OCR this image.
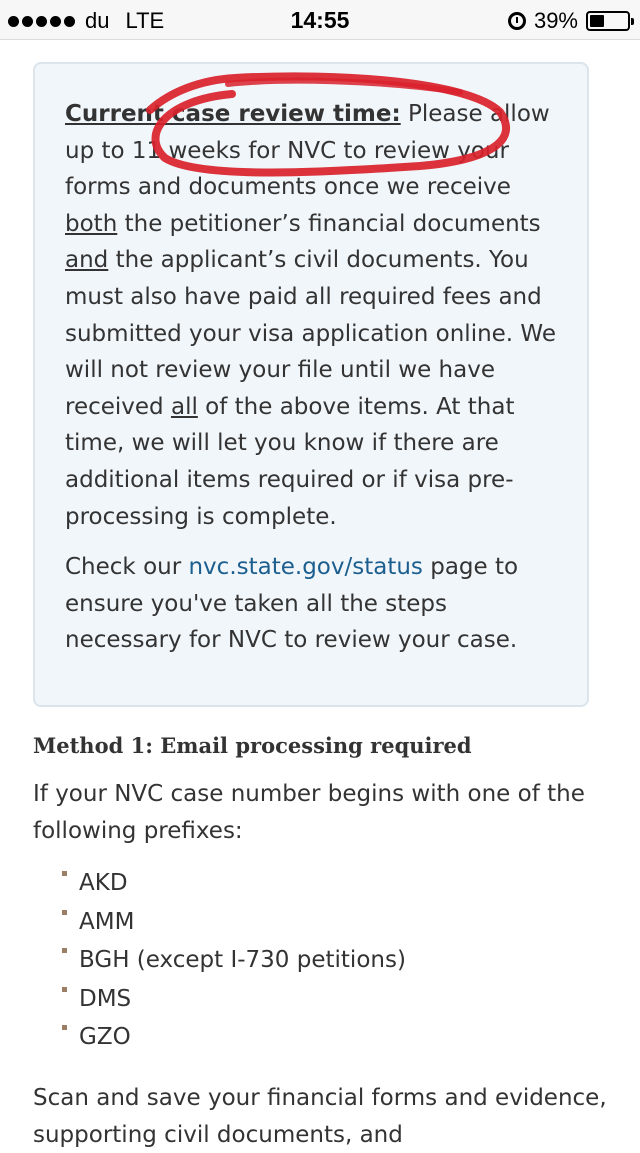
du LTE	14:55	39%

Current case review time: Please allow up to 11 weeks for NVC to review your forms and documents once we receive both the petitioner’s financial documents and the applicant’s civil documents. You must also have paid all required fees and submitted your visa application online. We will not review your file until we have received all of the above items. At that time, we will let you know if there are additional items required or if visa pre-processing is complete.

Check our nvc.state.gov/status page to ensure you've taken all the steps necessary for NVC to review your case.

Method 1: Email processing required

If your NVC case number begins with one of the following prefixes:

AKD
AMM
BGH (except I-730 petitions)
DMS
GZO

Scan and save your financial forms and evidence, supporting civil documents, and
